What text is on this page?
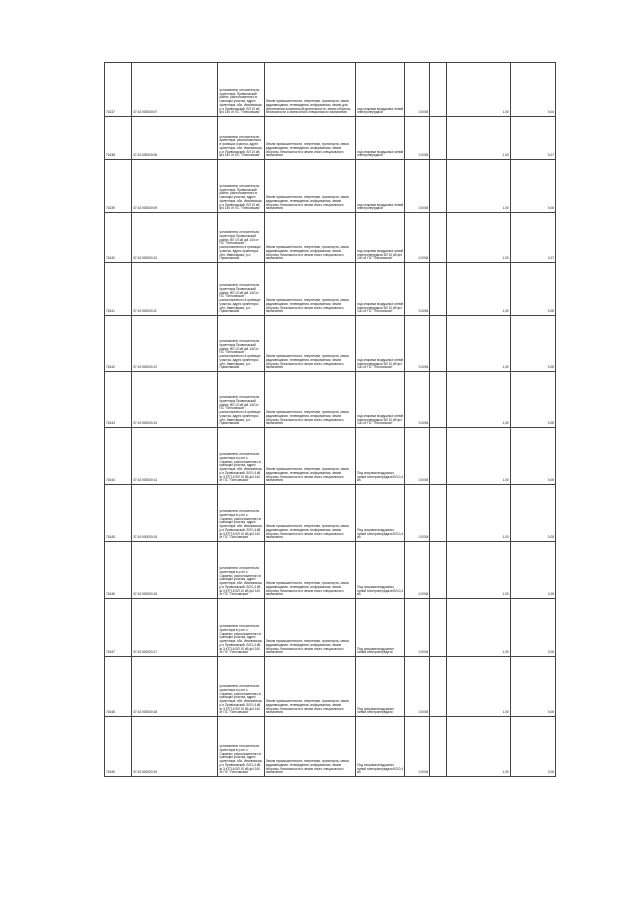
71637	37:10:000000:07	установлено относительно ориентира, Приволжский район, расположенного в границах участка, адрес ориентира: обл. Ивановская, р-н Приволжский, ВЛ 10 кВ ф4 140 от ПС "Плесовская"	Земли промышленности, энергетики, транспорта, связи, радиовещания, телевидения, информатики, земли для обеспечения космической деятельности, земли обороны, безопасности и земли иного специального назначения	под опорами воздушных линий электропередачи	0.0004		1,00	0,04
71638	37:10:000000:08	установлено относительно ориентира, расположенного в границах участка, адрес ориентира: обл. Ивановская, р-н Приволжский, ВЛ 10 кВ ф4 140 от ПС "Плесовская"	Земли промышленности, энергетики, транспорта, связи, радиовещания, телевидения, информатики, земли обороны, безопасности и земли иного специального назначения	под опорами воздушных линий электропередачи	0.0004		1,00	0,07
71639	37:10:000000:09	установлено относительно ориентира, Приволжский район, расположенного в границах участка, адрес ориентира: обл. Ивановская, р-н Приволжский, ВЛ 10 кВ ф4 140 от ПС "Плесовская"	Земли промышленности, энергетики, транспорта, связи, радиовещания, телевидения, информатики, земли обороны, безопасности и земли иного специального назначения	под опорами воздушных линий электропередачи	0.0004		1,00	0,06
71640	37:10:000000:10	установлено относительно ориентира Приволжский район, ВЛ 10 кВ ф4 140 от ПС "Плесовская", расположенного в границах участка, адрес ориентира: обл. Ивановская, р-н Приволжский	Земли промышленности, энергетики, транспорта, связи, радиовещания, телевидения, информатики, земли обороны, безопасности и земли иного специального назначения	под опорами воздушных линий электропередачи ВЛ 10 кВ ф4 140 от ПС "Плесовская"	0.0004		1,00	0,07
71641	37:10:000000:11	установлено относительно ориентира Приволжский район, ВЛ 10 кВ ф4 140 от ПС "Плесовская", расположенного в границах участка, адрес ориентира: обл. Ивановская, р-н Приволжский	Земли промышленности, энергетики, транспорта, связи, радиовещания, телевидения, информатики, земли обороны, безопасности и земли иного специального назначения	под опорами воздушных линий электропередачи ВЛ 10 кВ ф4 140 от ПС "Плесовская"	0.0004		1,00	0,06
71642	37:10:000000:12	установлено относительно ориентира Приволжский район, ВЛ 10 кВ ф4 140 от ПС "Плесовская", расположенного в границах участка, адрес ориентира: обл. Ивановская, р-н Приволжский	Земли промышленности, энергетики, транспорта, связи, радиовещания, телевидения, информатики, земли обороны, безопасности и земли иного специального назначения	под опорами воздушных линий электропередачи ВЛ 10 кВ ф4 140 от ПС "Плесовская"	0.0004		1,00	0,06
71643	37:10:000000:13	установлено относительно ориентира Приволжский район, ВЛ 10 кВ ф4 140 от ПС "Плесовская", расположенного в границах участка, адрес ориентира: обл. Ивановская, р-н Приволжский	Земли промышленности, энергетики, транспорта, связи, радиовещания, телевидения, информатики, земли обороны, безопасности и земли иного специального назначения	под опорами воздушных линий электропередачи ВЛ 10 кВ ф4 140 от ПС "Плесовская"	0.0004		1,00	0,06
71644	37:10:000000:14	установлено относительно ориентира в р-не с. Сараево, расположенного в границах участка, адрес ориентира: обл. Ивановская, р-н Приволжский, ВЛ 0,4 кВ ф.3 КТП-6 ВЛ 10 кВ ф4 140 от ПС "Плесовская"	Земли промышленности, энергетики, транспорта, связи, радиовещания, телевидения, информатики, земли обороны, безопасности и земли иного специального назначения	Под опорами воздушных линий электропередачи ВЛ-0,4 кВ	0.0004		1,00	0,05
71645	37:10:000000:15	установлено относительно ориентира в р-не с. Сараево, расположенного в границах участка, адрес ориентира: обл. Ивановская, р-н Приволжский, ВЛ 0,4 кВ ф.3 КТП-6 ВЛ 10 кВ ф4 140 от ПС "Плесовская"	Земли промышленности, энергетики, транспорта, связи, радиовещания, телевидения, информатики, земли обороны, безопасности и земли иного специального назначения	Под опорами воздушных линий электропередачи ВЛ-0,4 кВ	0.0004		1,00	0,05
71646	37:10:000000:16	установлено относительно ориентира в р-не с. Сараево, расположенного в границах участка, адрес ориентира: обл. Ивановская, р-н Приволжский, ВЛ 0,4 кВ ф.3 КТП-6 ВЛ 10 кВ ф4 140 от ПС "Плесовская"	Земли промышленности, энергетики, транспорта, связи, радиовещания, телевидения, информатики, земли обороны, безопасности и земли иного специального назначения	Под опорами воздушных линий электропередачи ВЛ-0,4 кВ	0.0004		1,00	0,05
71647	37:10:000000:17	установлено относительно ориентира в р-не с. Сараево, расположенного в границах участка, адрес ориентира: обл. Ивановская, р-н Приволжский, ВЛ 0,4 кВ ф.3 КТП-6 ВЛ 10 кВ ф4 140 от ПС "Плесовская"	Земли промышленности, энергетики, транспорта, связи, радиовещания, телевидения, информатики, земли обороны, безопасности и земли иного специального назначения	Под опорами воздушных линий электропередачи	0.0004		1,00	0,05
71648	37:10:000000:18	установлено относительно ориентира в р-не с. Сараево, расположенного в границах участка, адрес ориентира: обл. Ивановская, р-н Приволжский, ВЛ 0,4 кВ ф.3 КТП-6 ВЛ 10 кВ ф4 140 от ПС "Плесовская"	Земли промышленности, энергетики, транспорта, связи, радиовещания, телевидения, информатики, земли обороны, безопасности и земли иного специального назначения	Под опорами воздушных линий электропередачи	0.0004		1,00	0,05
71649	37:10:000000:19	установлено относительно ориентира в р-не с. Сараево, расположенного в границах участка, адрес ориентира: обл. Ивановская, р-н Приволжский, ВЛ 0,4 кВ ф.3 КТП-6 ВЛ 10 кВ ф4 140 от ПС "Плесовская"	Земли промышленности, энергетики, транспорта, связи, радиовещания, телевидения, информатики, земли обороны, безопасности и земли иного специального назначения	Под опорами воздушных линий электропередачи ВЛ-0,4 кВ	0.0004		1,00	0,05
